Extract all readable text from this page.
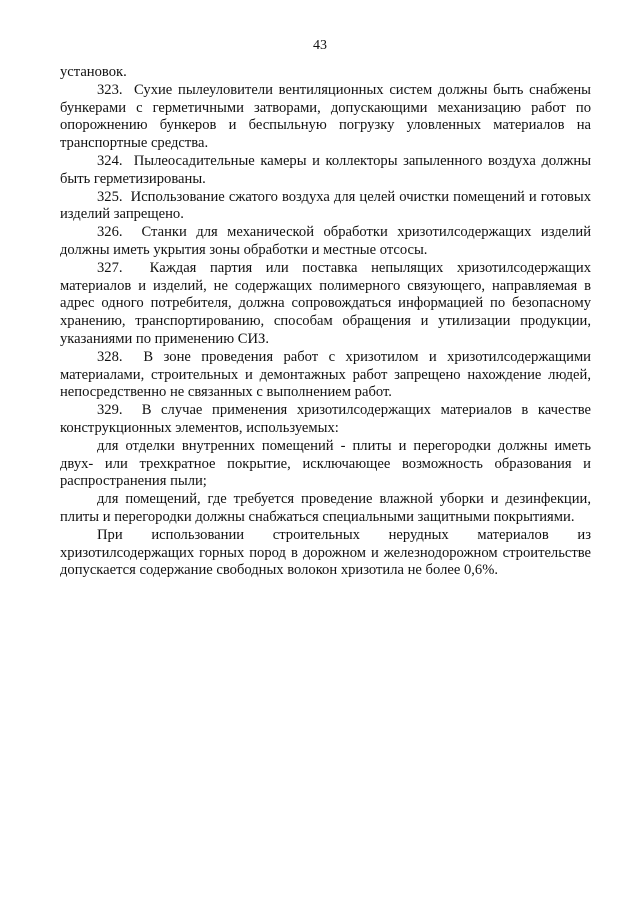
43

установок.

323.  Сухие пылеуловители вентиляционных систем должны быть снабжены бункерами с герметичными затворами, допускающими механизацию работ по опорожнению бункеров и беспыльную погрузку уловленных материалов на транспортные средства.

324.  Пылеосадительные камеры и коллекторы запыленного воздуха должны быть герметизированы.

325.  Использование сжатого воздуха для целей очистки помещений и готовых изделий запрещено.

326.  Станки для механической обработки хризотилсодержащих изделий должны иметь укрытия зоны обработки и местные отсосы.

327.  Каждая партия или поставка непылящих хризотилсодержащих материалов и изделий, не содержащих полимерного связующего, направляемая в адрес одного потребителя, должна сопровождаться информацией по безопасному хранению, транспортированию, способам обращения и утилизации продукции, указаниями по применению СИЗ.

328.  В зоне проведения работ с хризотилом и хризотилсодержащими материалами, строительных и демонтажных работ запрещено нахождение людей, непосредственно не связанных с выполнением работ.

329.  В случае применения хризотилсодержащих материалов в качестве конструкционных элементов, используемых:

для отделки внутренних помещений - плиты и перегородки должны иметь двух- или трехкратное покрытие, исключающее возможность образования и распространения пыли;

для помещений, где требуется проведение влажной уборки и дезинфекции, плиты и перегородки должны снабжаться специальными защитными покрытиями.

При использовании строительных нерудных материалов из хризотилсодержащих горных пород в дорожном и железнодорожном строительстве допускается содержание свободных волокон хризотила не более 0,6%.
